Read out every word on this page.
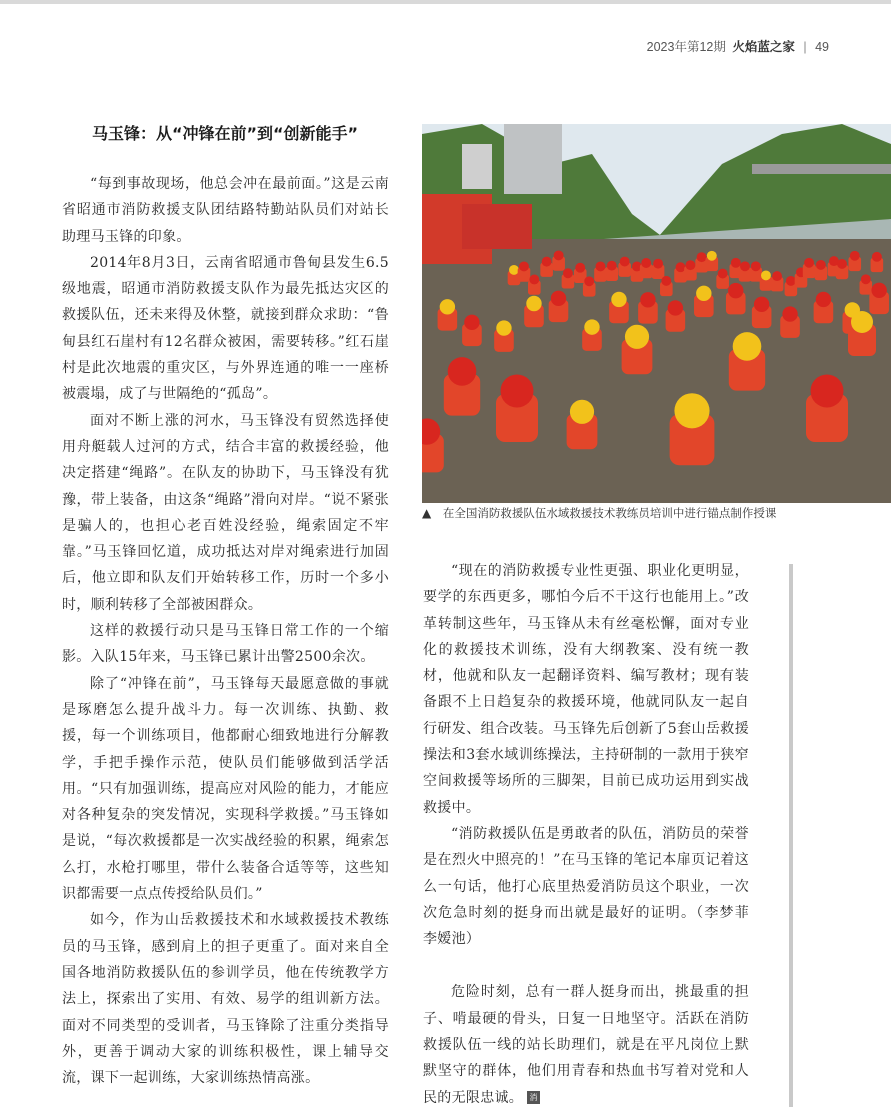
2023年第12期 火焰蓝之家 | 49
马玉锋：从“冲锋在前”到“创新能手”

“每到事故现场，他总会冲在最前面。”这是云南省昭通市消防救援支队团结路特勤站队员们对站长助理马玉锋的印象。

2014年8月3日，云南省昭通市鲁甸县发生6.5级地震，昭通市消防救援支队作为最先抵达灾区的救援队伍，还未来得及休整，就接到群众求助：“鲁甸县红石崖村有12名群众被困，需要转移。”红石崖村是此次地震的重灾区，与外界连通的唯一一座桥被震塌，成了与世隔绝的“孤岛”。

面对不断上涨的河水，马玉锋没有贸然选择使用舟艇载人过河的方式，结合丰富的救援经验，他决定搭建“绳路”。在队友的协助下，马玉锋没有犹豫，带上装备，由这条“绳路”滑向对岸。“说不紧张是骗人的，也担心老百姓没经验，绳索固定不牢靠。”马玉锋回忆道，成功抵达对岸对绳索进行加固后，他立即和队友们开始转移工作，历时一个多小时，顺利转移了全部被困群众。

这样的救援行动只是马玉锋日常工作的一个缩影。入队15年来，马玉锋已累计出警2500余次。

除了“冲锋在前”，马玉锋每天最愿意做的事就是琢磨怎么提升战斗力。每一次训练、执勤、救援，每一个训练项目，他都耐心细致地进行分解教学，手把手操作示范，使队员们能够做到活学活用。“只有加强训练，提高应对风险的能力，才能应对各种复杂的突发情况，实现科学救援。”马玉锋如是说，“每次救援都是一次实战经验的积累，绳索怎么打，水枪打哪里，带什么装备合适等等，这些知识都需要一点点传授给队员们。”

如今，作为山岳救援技术和水域救援技术教练员的马玉锋，感到肩上的担子更重了。面对来自全国各地消防救援队伍的参训学员，他在传统教学方法上，探索出了实用、有效、易学的组训新方法。面对不同类型的受训者，马玉锋除了注重分类指导外，更善于调动大家的训练积极性，课上辅导交流，课下一起训练，大家训练热情高涨。

▲ 在全国消防救援队伍水域救援技术教练员培训中进行锚点制作授课

“现在的消防救援专业性更强、职业化更明显，要学的东西更多，哪怕今后不干这行也能用上。”改革转制这些年，马玉锋从未有丝毫松懈，面对专业化的救援技术训练，没有大纲教案、没有统一教材，他就和队友一起翻译资料、编写教材；现有装备跟不上日趋复杂的救援环境，他就同队友一起自行研发、组合改装。马玉锋先后创新了5套山岳救援操法和3套水域训练操法，主持研制的一款用于狭窄空间救援等场所的三脚架，目前已成功运用到实战救援中。

“消防救援队伍是勇敢者的队伍，消防员的荣誉是在烈火中照亮的！”在马玉锋的笔记本扉页记着这么一句话，他打心底里热爱消防员这个职业，一次次危急时刻的挺身而出就是最好的证明。（李梦菲　李嫒池）

危险时刻，总有一群人挺身而出，挑最重的担子、啃最硬的骨头，日复一日地坚守。活跃在消防救援队伍一线的站长助理们，就是在平凡岗位上默默坚守的群体，他们用青春和热血书写着对党和人民的无限忠诚。 消防
